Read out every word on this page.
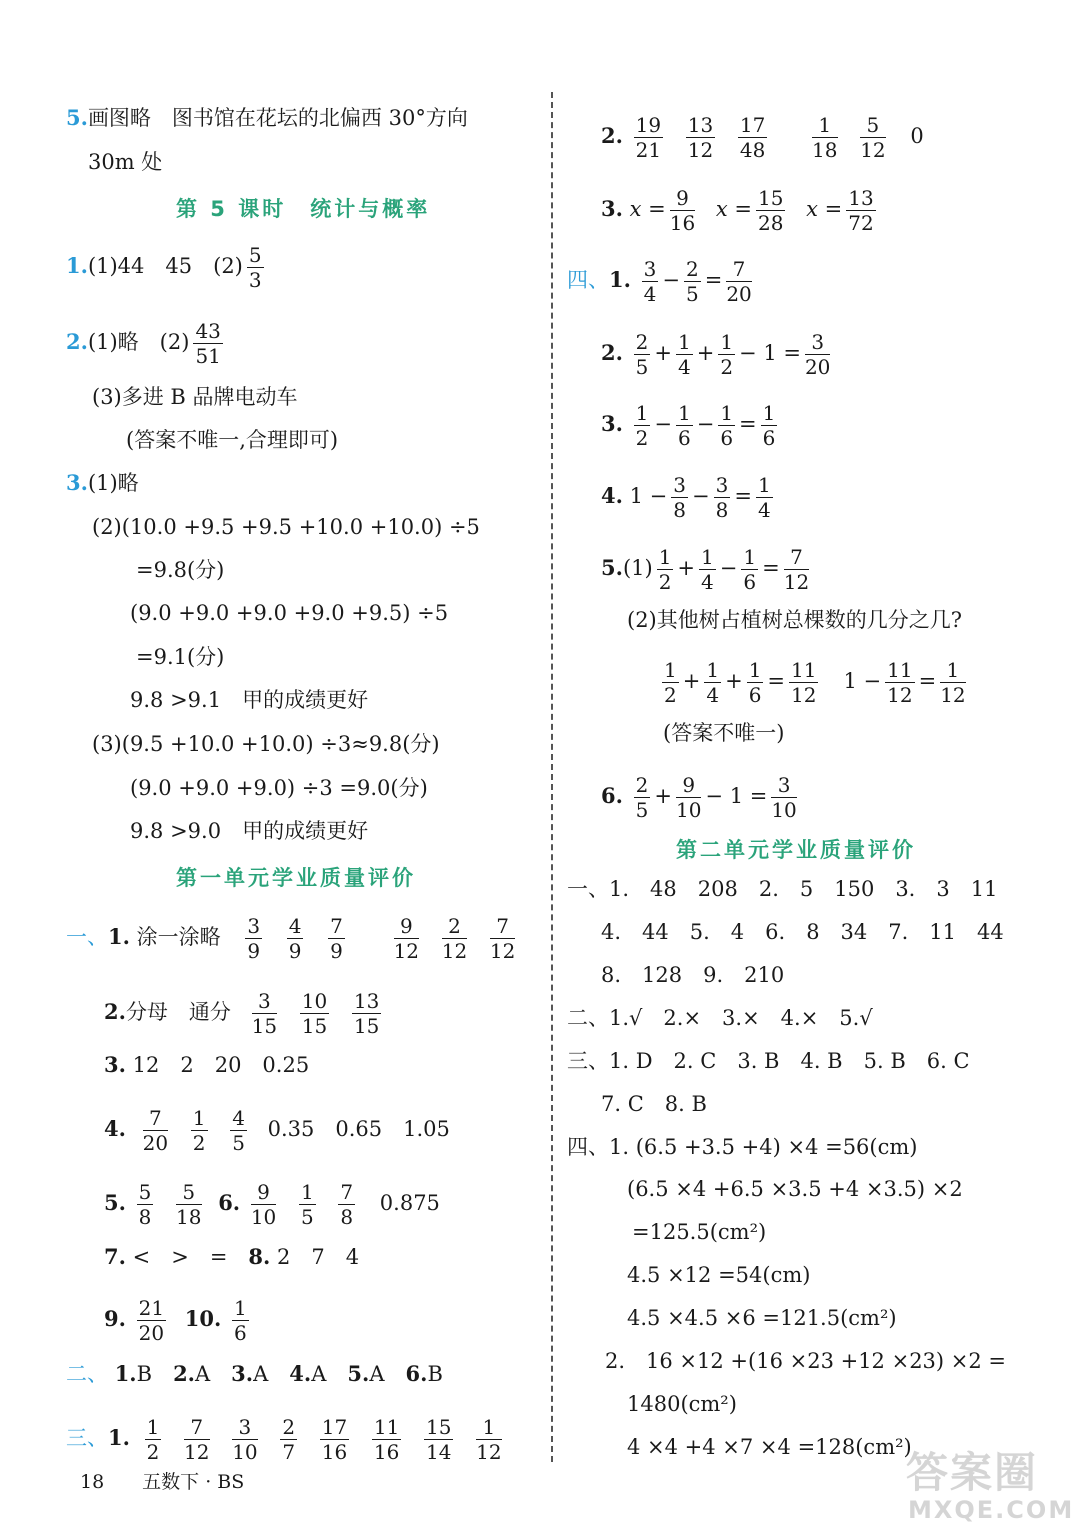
5.画图略　图书馆在花坛的北偏西 30°方向
30m 处
第 5 课时　统计与概率
1.(1)44　45　$(2) \frac{5}{3}$
2.(1)略　$(2) \frac{43}{51}$
(3)多进 B 品牌电动车
(答案不唯一,合理即可)
3.(1)略
(2)(10.0 +9.5 +9.5 +10.0 +10.0) ÷5
=9.8(分)
(9.0 +9.0 +9.0 +9.0 +9.5) ÷5
=9.1(分)
9.8 >9.1　甲的成绩更好
(3)(9.5 +10.0 +10.0) ÷3≈9.8(分)
(9.0 +9.0 +9.0) ÷3 =9.0(分)
9.8 >9.0　甲的成绩更好
第一单元学业质量评价
一、1. 涂一涂略 $\frac{3}{9}$
$\frac{4}{9}$
$\frac{7}{9}$
$\frac{9}{12}$
$\frac{2}{12}$
$\frac{7}{12}$
2.分母　通分 $\frac{3}{15}$
$\frac{10}{15}$
$\frac{13}{15}$
3. 12　2　20　0.25
4. $\frac{7}{20}$
$\frac{1}{2}$
$\frac{4}{5} 0.35$　0.65　1.05
5. $\frac{5}{8}$
$\frac{5}{18} 6$. $\frac{9}{10}$
$\frac{1}{5}$
$\frac{7}{8} 0.875$
7. <　>　=　 8. 2　7　4
9. $\frac{21}{20} 10$. $\frac{1}{6}$
二、 1.B　 2.A　 3.A　 4.A　 5.A　 6.B
三、1. $\frac{1}{2}$
$\frac{7}{12}$
$\frac{3}{10}$
$\frac{2}{7}$
$\frac{17}{16}$
$\frac{11}{16}$
$\frac{15}{14}$
$\frac{1}{12}$
2. $\frac{19}{21}$
$\frac{13}{12}$
$\frac{17}{48}$
$\frac{1}{18}$
$\frac{5}{12} 0$
3. $x = \frac{9}{16}$ $x = \frac{15}{28}$ $x = \frac{13}{72}$
四、1. $\frac{3}{4} - \frac{2}{5} = \frac{7}{20}$
2. $\frac{2}{5} + \frac{1}{4} + \frac{1}{2} - 1 = \frac{3}{20}$
3. $\frac{1}{2} - \frac{1}{6} - \frac{1}{6} = \frac{1}{6}$
4. $1 - \frac{3}{8} - \frac{3}{8} = \frac{1}{4}$
$5.(1) \frac{1}{2} + \frac{1}{4} - \frac{1}{6} = \frac{7}{12}$
(2)其他树占植树总棵数的几分之几?
$\frac{1}{2} + \frac{1}{4} + \frac{1}{6} = \frac{11}{12}$ 　$1 - \frac{11}{12} = \frac{1}{12}$
(答案不唯一)
6. $\frac{2}{5} + \frac{9}{10} - 1 = \frac{3}{10}$
第二单元学业质量评价
一、1.　48　208　2.　5　150　3.　3　11
4.　44　5.　4　6.　8　34　7.　11　44
8.　128　9.　210
二、1.√　2.×　3.×　4.×　5.√
三、1. D　2. C　3. B　4. B　5. B　6. C
7. C　8. B
四、1. (6.5 +3.5 +4) ×4 =56(cm)
(6.5 ×4 +6.5 ×3.5 +4 ×3.5) ×2
=125.5(cm²)
4.5 ×12 =54(cm)
4.5 ×4.5 ×6 =121.5(cm²)
2.　16 ×12 +(16 ×23 +12 ×23) ×2 =
1480(cm²)
4 ×4 +4 ×7 ×4 =128(cm²)
18　　五数下 · BS	答案圈
MXQE.COM
